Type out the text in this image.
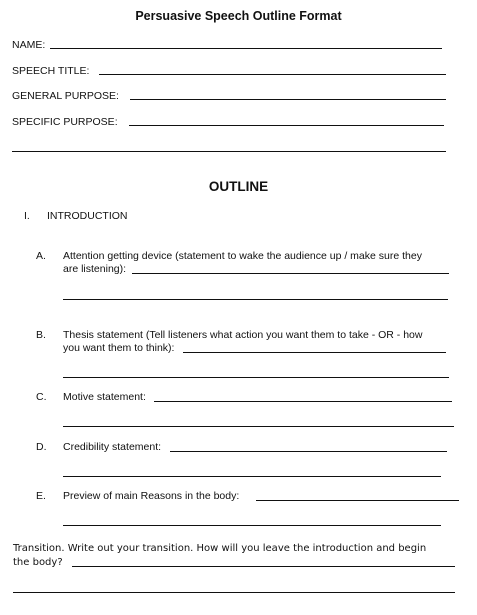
Persuasive Speech Outline Format
NAME:
SPEECH TITLE:
GENERAL PURPOSE:
SPECIFIC PURPOSE:
OUTLINE
I. INTRODUCTION
A. Attention getting device (statement to wake the audience up / make sure they
are listening):
B. Thesis statement (Tell listeners what action you want them to take - OR - how
you want them to think):
C. Motive statement:
D. Credibility statement:
E. Preview of main Reasons in the body:
Transition. Write out your transition. How will you leave the introduction and begin
the body?
